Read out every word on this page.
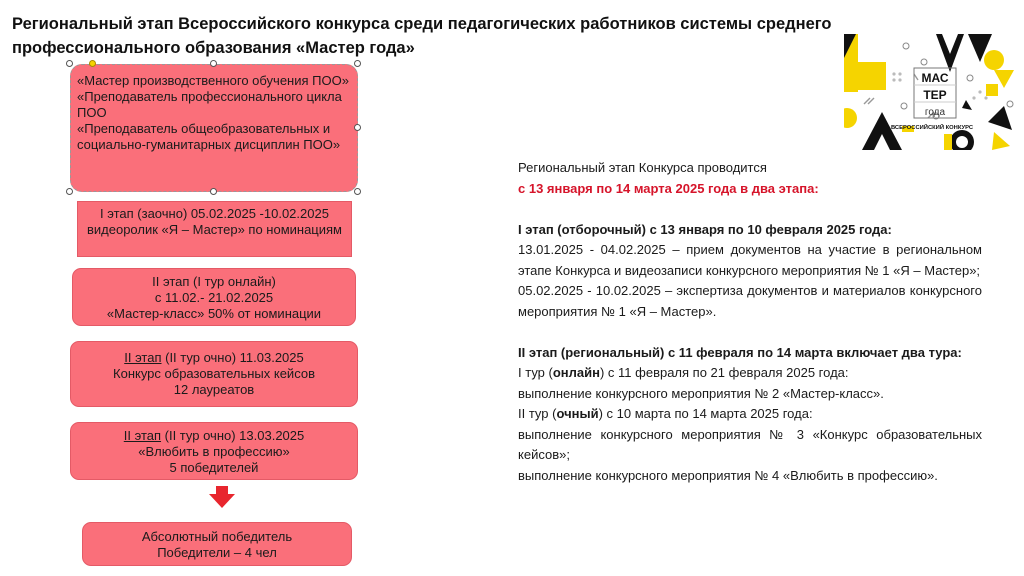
Региональный этап Всероссийского конкурса среди педагогических работников системы среднего профессионального образования «Мастер года»
«Мастер производственного обучения ПОО»
«Преподаватель профессионального цикла ПОО
«Преподаватель общеобразовательных и социально-гуманитарных дисциплин ПОО»
I этап (заочно) 05.02.2025 -10.02.2025
видеоролик «Я – Мастер» по номинациям
II этап (I тур онлайн)
с 11.02.- 21.02.2025
«Мастер-класс» 50% от номинации
II этап (II тур очно) 11.03.2025
Конкурс образовательных кейсов
12 лауреатов
II этап (II тур очно) 13.03.2025
«Влюбить в профессию»
5 победителей
Абсолютный победитель
Победители – 4 чел

Региональный этап Конкурса проводится

с 13 января по 14 марта 2025 года в два этапа:

I этап (отборочный) с 13 января по 10 февраля 2025 года:

13.01.2025 - 04.02.2025 – прием документов на участие в региональном этапе Конкурса и видеозаписи конкурсного мероприятия № 1 «Я – Мастер»;

05.02.2025 - 10.02.2025 – экспертиза документов и материалов конкурсного мероприятия № 1 «Я – Мастер».

II этап (региональный) с 11 февраля по 14 марта включает два тура:

I тур (онлайн) с 11 февраля по 21 февраля 2025 года:

выполнение конкурсного мероприятия № 2 «Мастер-класс».

II тур (очный) с 10 марта по 14 марта 2025 года:

выполнение конкурсного мероприятия № 3 «Конкурс образовательных кейсов»;

выполнение конкурсного мероприятия № 4 «Влюбить в профессию».

МАС
ТЕР
года
ВСЕРОССИЙСКИЙ КОНКУРС
